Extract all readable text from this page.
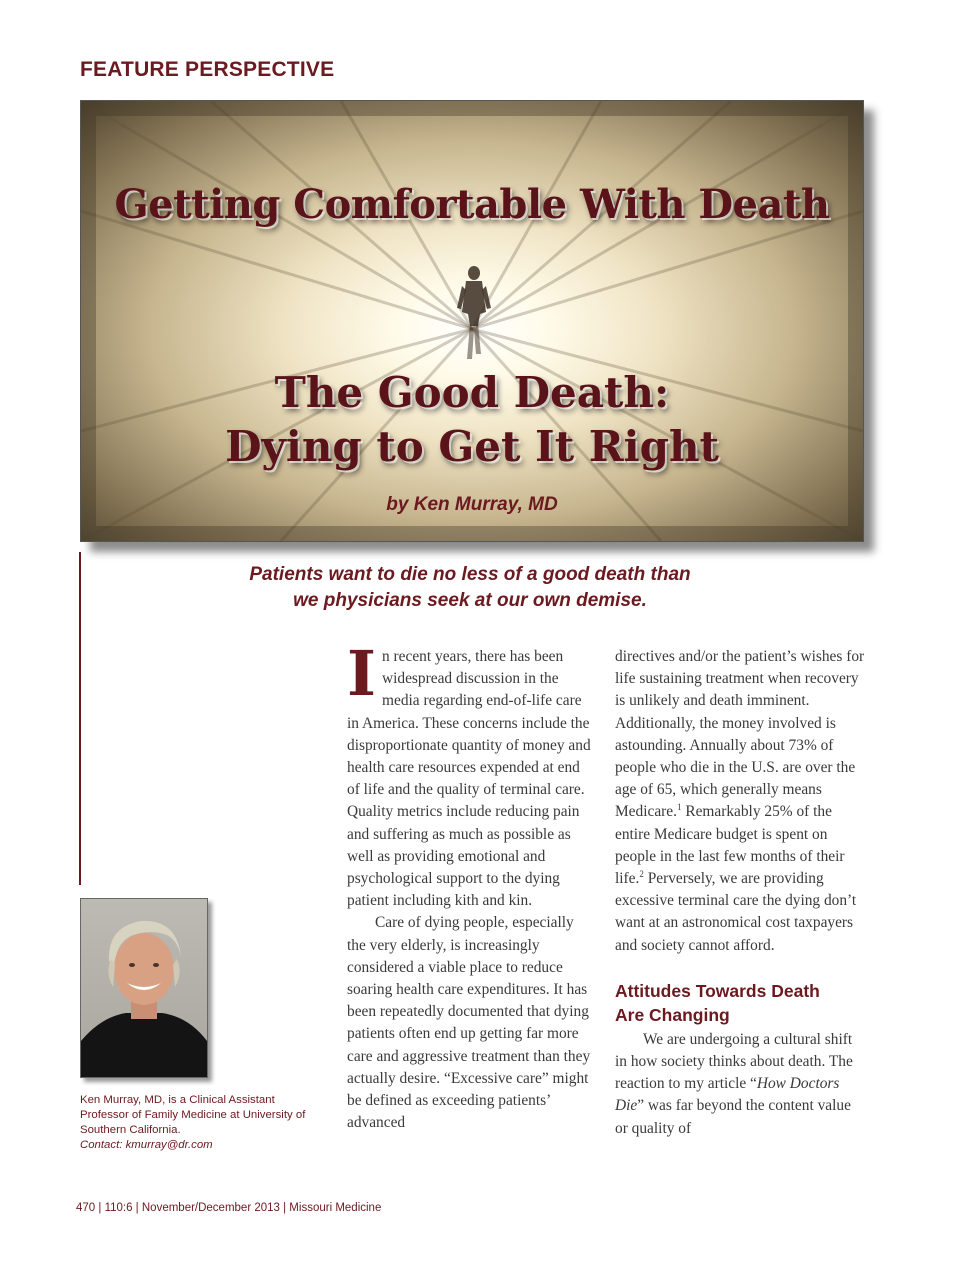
FEATURE PERSPECTIVE
Getting Comfortable With Death
The Good Death:
Dying to Get It Right
by Ken Murray, MD
Patients want to die no less of a good death than
we physicians seek at our own demise.

In recent years, there has been widespread discussion in the media regarding end-of-life care in America. These concerns include the disproportionate quantity of money and health care resources expended at end of life and the quality of terminal care. Quality metrics include reducing pain and suffering as much as possible as well as providing emotional and psychological support to the dying patient including kith and kin.

Care of dying people, especially the very elderly, is increasingly considered a viable place to reduce soaring health care expenditures. It has been repeatedly documented that dying patients often end up getting far more care and aggressive treatment than they actually desire. “Excessive care” might be defined as exceeding patients’ advanced

directives and/or the patient’s wishes for life sustaining treatment when recovery is unlikely and death imminent. Additionally, the money involved is astounding. Annually about 73% of people who die in the U.S. are over the age of 65, which generally means Medicare.$^1$ Remarkably 25% of the entire Medicare budget is spent on people in the last few months of their life.$^2$ Perversely, we are providing excessive terminal care the dying don’t want at an astronomical cost taxpayers and society cannot afford.

Attitudes Towards Death
Are Changing

We are undergoing a cultural shift in how society thinks about death. The reaction to my article “How Doctors Die” was far beyond the content value or quality of

Ken Murray, MD, is a Clinical Assistant Professor of Family Medicine at University of Southern California.
Contact: kmurray@dr.com
470 | 110:6 | November/December 2013 | Missouri Medicine
